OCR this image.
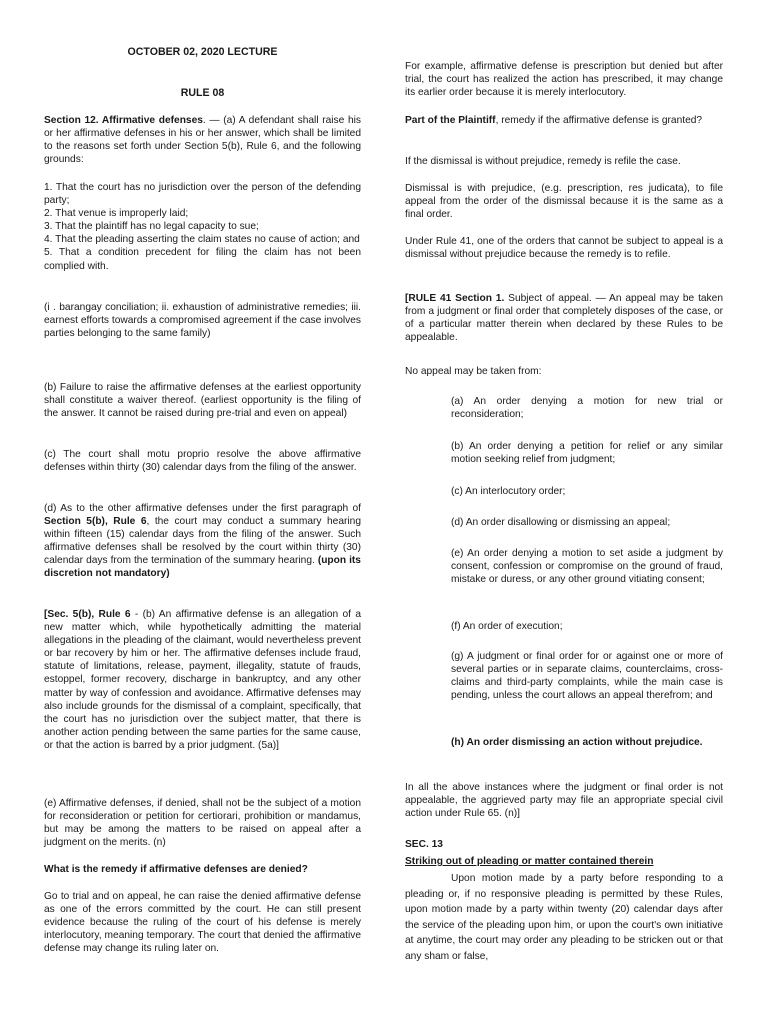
OCTOBER 02, 2020 LECTURE

RULE 08

Section 12. Affirmative defenses. — (a) A defendant shall raise his or her affirmative defenses in his or her answer, which shall be limited to the reasons set forth under Section 5(b), Rule 6, and the following grounds:

1. That the court has no jurisdiction over the person of the defending party;

2. That venue is improperly laid;

3. That the plaintiff has no legal capacity to sue;

4. That the pleading asserting the claim states no cause of action; and

5. That a condition precedent for filing the claim has not been complied with.

(i . barangay conciliation; ii. exhaustion of administrative remedies; iii. earnest efforts towards a compromised agreement if the case involves parties belonging to the same family)

(b) Failure to raise the affirmative defenses at the earliest opportunity shall constitute a waiver thereof. (earliest opportunity is the filing of the answer. It cannot be raised during pre-trial and even on appeal)

(c) The court shall motu proprio resolve the above affirmative defenses within thirty (30) calendar days from the filing of the answer.

(d) As to the other affirmative defenses under the first paragraph of Section 5(b), Rule 6, the court may conduct a summary hearing within fifteen (15) calendar days from the filing of the answer. Such affirmative defenses shall be resolved by the court within thirty (30) calendar days from the termination of the summary hearing. (upon its discretion not mandatory)

[Sec. 5(b), Rule 6 - (b) An affirmative defense is an allegation of a new matter which, while hypothetically admitting the material allegations in the pleading of the claimant, would nevertheless prevent or bar recovery by him or her. The affirmative defenses include fraud, statute of limitations, release, payment, illegality, statute of frauds, estoppel, former recovery, discharge in bankruptcy, and any other matter by way of confession and avoidance. Affirmative defenses may also include grounds for the dismissal of a complaint, specifically, that the court has no jurisdiction over the subject matter, that there is another action pending between the same parties for the same cause, or that the action is barred by a prior judgment. (5a)]

(e) Affirmative defenses, if denied, shall not be the subject of a motion for reconsideration or petition for certiorari, prohibition or mandamus, but may be among the matters to be raised on appeal after a judgment on the merits. (n)

What is the remedy if affirmative defenses are denied?

Go to trial and on appeal, he can raise the denied affirmative defense as one of the errors committed by the court. He can still present evidence because the ruling of the court of his defense is merely interlocutory, meaning temporary. The court that denied the affirmative defense may change its ruling later on.

For example, affirmative defense is prescription but denied but after trial, the court has realized the action has prescribed, it may change its earlier order because it is merely interlocutory.

Part of the Plaintiff, remedy if the affirmative defense is granted?

If the dismissal is without prejudice, remedy is refile the case.

Dismissal is with prejudice, (e.g. prescription, res judicata), to file appeal from the order of the dismissal because it is the same as a final order.

Under Rule 41, one of the orders that cannot be subject to appeal is a dismissal without prejudice because the remedy is to refile.

[RULE 41 Section 1. Subject of appeal. — An appeal may be taken from a judgment or final order that completely disposes of the case, or of a particular matter therein when declared by these Rules to be appealable.

No appeal may be taken from:

(a) An order denying a motion for new trial or reconsideration;

(b) An order denying a petition for relief or any similar motion seeking relief from judgment;

(c) An interlocutory order;

(d) An order disallowing or dismissing an appeal;

(e) An order denying a motion to set aside a judgment by consent, confession or compromise on the ground of fraud, mistake or duress, or any other ground vitiating consent;

(f) An order of execution;

(g) A judgment or final order for or against one or more of several parties or in separate claims, counterclaims, cross-claims and third-party complaints, while the main case is pending, unless the court allows an appeal therefrom; and

(h) An order dismissing an action without prejudice.

In all the above instances where the judgment or final order is not appealable, the aggrieved party may file an appropriate special civil action under Rule 65. (n)]

SEC. 13

Striking out of pleading or matter contained therein

Upon motion made by a party before responding to a pleading or, if no responsive pleading is permitted by these Rules, upon motion made by a party within twenty (20) calendar days after the service of the pleading upon him, or upon the court's own initiative at anytime, the court may order any pleading to be stricken out or that any sham or false,
